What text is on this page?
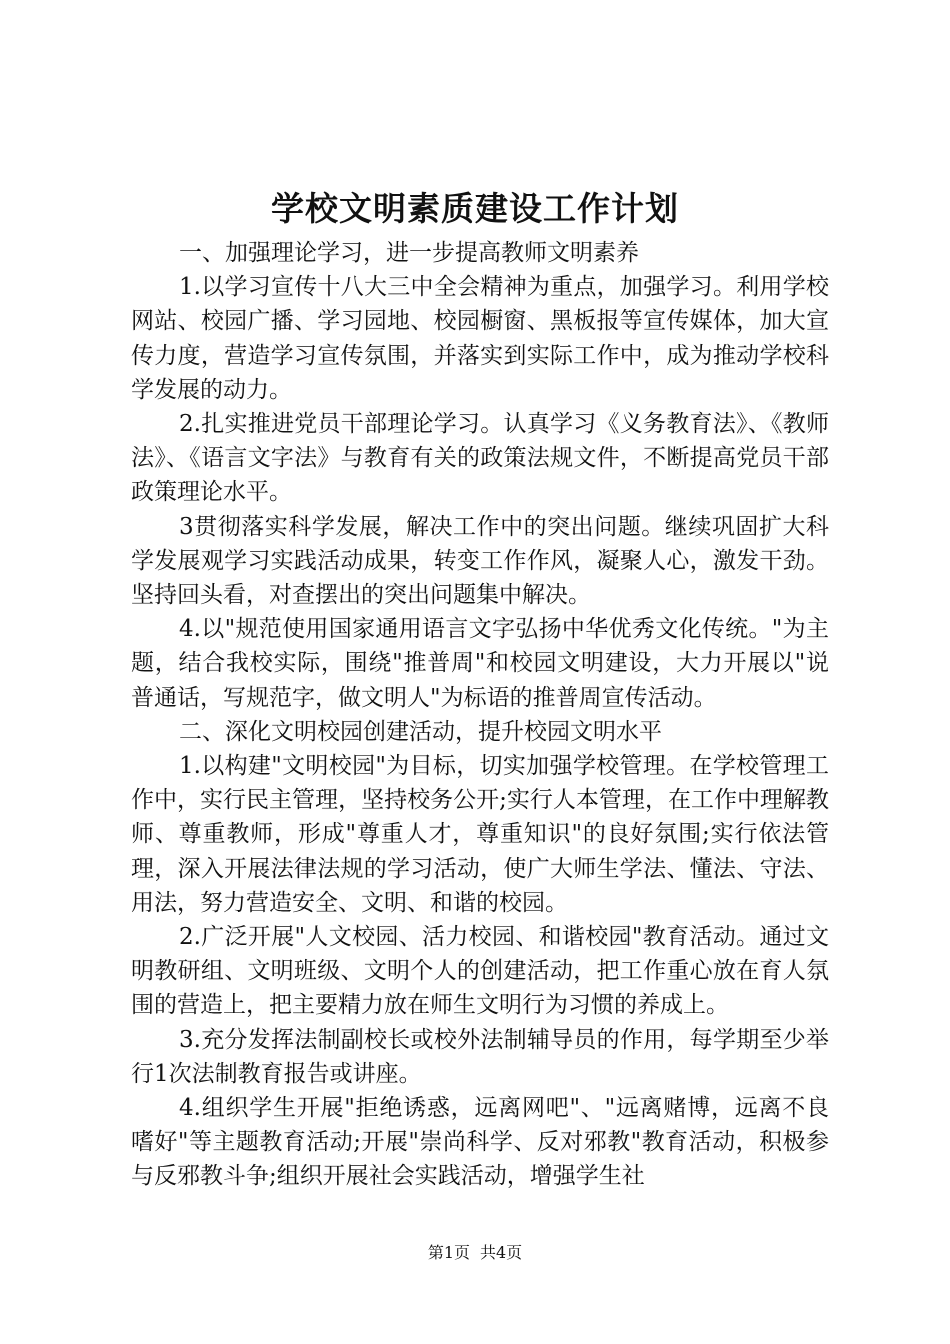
学校文明素质建设工作计划

一、加强理论学习，进一步提高教师文明素养

1.以学习宣传十八大三中全会精神为重点，加强学习。利用学校网站、校园广播、学习园地、校园橱窗、黑板报等宣传媒体，加大宣传力度，营造学习宣传氛围，并落实到实际工作中，成为推动学校科学发展的动力。

2.扎实推进党员干部理论学习。认真学习《义务教育法》、《教师法》、《语言文字法》与教育有关的政策法规文件，不断提高党员干部政策理论水平。

3贯彻落实科学发展，解决工作中的突出问题。继续巩固扩大科学发展观学习实践活动成果，转变工作作风，凝聚人心，激发干劲。坚持回头看，对查摆出的突出问题集中解决。

4.以"规范使用国家通用语言文字弘扬中华优秀文化传统。"为主题，结合我校实际，围绕"推普周"和校园文明建设，大力开展以"说普通话，写规范字，做文明人"为标语的推普周宣传活动。

二、深化文明校园创建活动，提升校园文明水平

1.以构建"文明校园"为目标，切实加强学校管理。在学校管理工作中，实行民主管理，坚持校务公开;实行人本管理，在工作中理解教师、尊重教师，形成"尊重人才，尊重知识"的良好氛围;实行依法管理，深入开展法律法规的学习活动，使广大师生学法、懂法、守法、用法，努力营造安全、文明、和谐的校园。

2.广泛开展"人文校园、活力校园、和谐校园"教育活动。通过文明教研组、文明班级、文明个人的创建活动，把工作重心放在育人氛围的营造上，把主要精力放在师生文明行为习惯的养成上。

3.充分发挥法制副校长或校外法制辅导员的作用，每学期至少举行1次法制教育报告或讲座。

4.组织学生开展"拒绝诱惑，远离网吧"、"远离赌博，远离不良嗜好"等主题教育活动;开展"崇尚科学、反对邪教"教育活动，积极参与反邪教斗争;组织开展社会实践活动，增强学生社

第1页 共4页
